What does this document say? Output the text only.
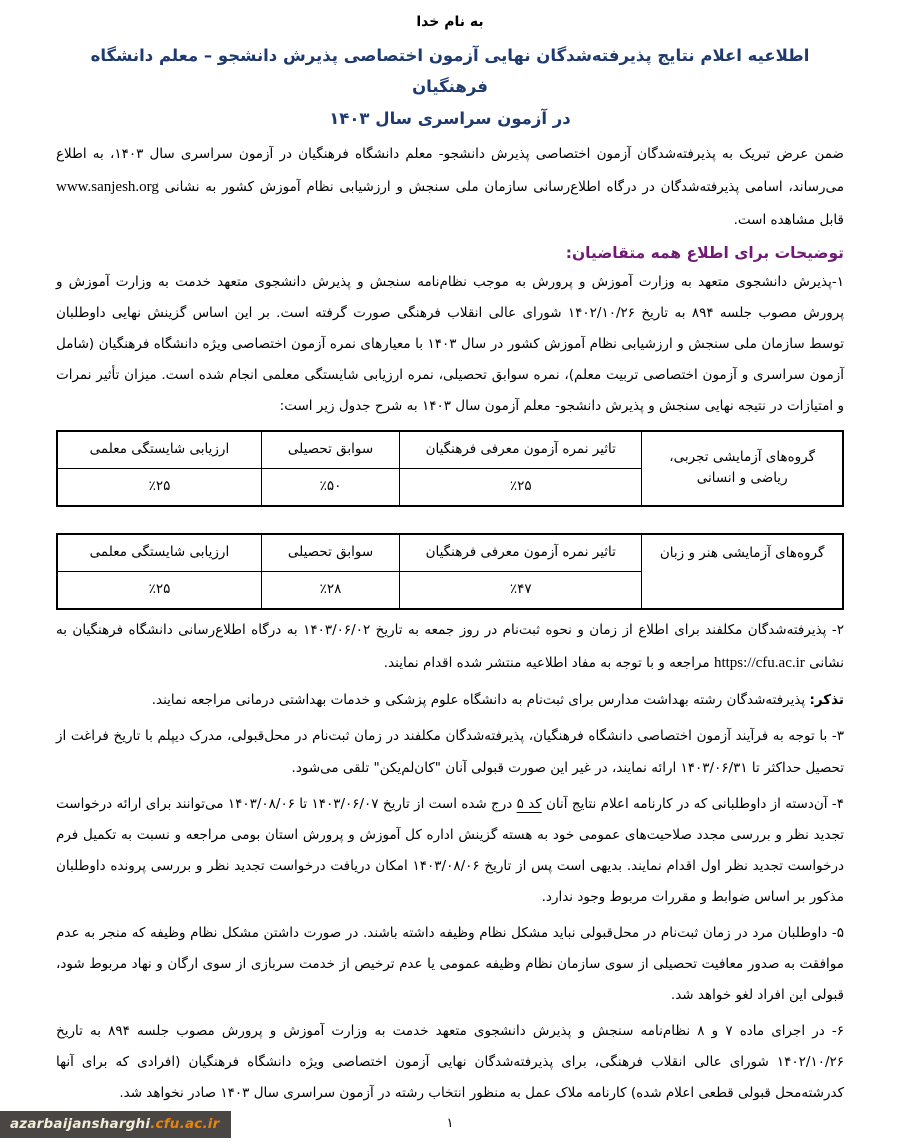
به نام خدا
اطلاعیه اعلام نتایج پذیرفته‌شدگان نهایی آزمون اختصاصی پذیرش دانشجو – معلم دانشگاه فرهنگیان
در آزمون سراسری سال ۱۴۰۳

ضمن عرض تبریک به پذیرفته‌شدگان آزمون اختصاصی پذیرش دانشجو- معلم دانشگاه فرهنگیان در آزمون سراسری سال ۱۴۰۳، به اطلاع می‌رساند، اسامی پذیرفته‌شدگان در درگاه اطلاع‌رسانی سازمان ملی سنجش و ارزشیابی نظام آموزش کشور به نشانی www.sanjesh.org قابل مشاهده است.

توضیحات برای اطلاع همه متقاضیان:

۱-پذیرش دانشجوی متعهد به وزارت آموزش و پرورش به موجب نظام‌نامه سنجش و پذیرش دانشجوی متعهد خدمت به وزارت آموزش و پرورش مصوب جلسه ۸۹۴ به تاریخ ۱۴۰۲/۱۰/۲۶ شورای عالی انقلاب فرهنگی صورت گرفته است. بر این اساس گزینش نهایی داوطلبان توسط سازمان ملی سنجش و ارزشیابی نظام آموزش کشور در سال ۱۴۰۳ با معیارهای نمره آزمون اختصاصی ویژه دانشگاه فرهنگیان (شامل آزمون سراسری و آزمون اختصاصی تربیت معلم)، نمره سوابق تحصیلی، نمره ارزیابی شایستگی معلمی انجام شده است. میزان تأثیر نمرات و امتیازات در نتیجه نهایی سنجش و پذیرش دانشجو- معلم آزمون سال ۱۴۰۳ به شرح جدول زیر است:

گروه‌های آزمایشی تجربی،
ریاضی و انسانی	تاثیر نمره آزمون معرفی فرهنگیان	سوابق تحصیلی	ارزیابی شایستگی معلمی
	٪۲۵	٪۵۰	٪۲۵
گروه‌های آزمایشی هنر و زبان	تاثیر نمره آزمون معرفی فرهنگیان	سوابق تحصیلی	ارزیابی شایستگی معلمی
	٪۴۷	٪۲۸	٪۲۵

۲- پذیرفته‌شدگان مکلفند برای اطلاع از زمان و نحوه ثبت‌نام در روز جمعه به تاریخ ۱۴۰۳/۰۶/۰۲ به درگاه اطلاع‌رسانی دانشگاه فرهنگیان به نشانی https://cfu.ac.ir مراجعه و با توجه به مفاد اطلاعیه منتشر شده اقدام نمایند.

تذکر: پذیرفته‌شدگان رشته بهداشت مدارس برای ثبت‌نام به دانشگاه علوم پزشکی و خدمات بهداشتی درمانی مراجعه نمایند.

۳- با توجه به فرآیند آزمون اختصاصی دانشگاه فرهنگیان، پذیرفته‌شدگان مکلفند در زمان ثبت‌نام در محل‌قبولی، مدرک دیپلم با تاریخ فراغت از تحصیل حداکثر تا ۱۴۰۳/۰۶/۳۱ ارائه نمایند، در غیر این صورت قبولی آنان "کان‌لم‌یکن" تلقی می‌شود.

۴- آن‌دسته از داوطلبانی که در کارنامه اعلام نتایج آنان کد ۵ درج شده است از تاریخ ۱۴۰۳/۰۶/۰۷ تا ۱۴۰۳/۰۸/۰۶ می‌توانند برای ارائه درخواست تجدید نظر و بررسی مجدد صلاحیت‌های عمومی خود به هسته گزینش اداره کل آموزش و پرورش استان بومی مراجعه و نسبت به تکمیل فرم درخواست تجدید نظر اول اقدام نمایند. بدیهی است پس از تاریخ ۱۴۰۳/۰۸/۰۶ امکان دریافت درخواست تجدید نظر و بررسی پرونده داوطلبان مذکور بر اساس ضوابط و مقررات مربوط وجود ندارد.

۵- داوطلبان مرد در زمان ثبت‌نام در محل‌قبولی نباید مشکل نظام وظیفه داشته باشند. در صورت داشتن مشکل نظام وظیفه که منجر به عدم موافقت به صدور معافیت تحصیلی از سوی سازمان نظام وظیفه عمومی یا عدم ترخیص از خدمت سربازی از سوی ارگان و نهاد مربوط شود، قبولی این افراد لغو خواهد شد.

۶- در اجرای ماده ۷ و ۸ نظام‌نامه سنجش و پذیرش دانشجوی متعهد خدمت به وزارت آموزش و پرورش مصوب جلسه ۸۹۴ به تاریخ ۱۴۰۲/۱۰/۲۶ شورای عالی انقلاب فرهنگی، برای پذیرفته‌شدگان نهایی آزمون اختصاصی ویژه دانشگاه فرهنگیان (افرادی که برای آنها کدرشته‌محل قبولی قطعی اعلام شده) کارنامه ملاک عمل به منظور انتخاب رشته در آزمون سراسری سال ۱۴۰۳ صادر نخواهد شد.

۱
azarbaijansharghi.cfu.ac.ir
